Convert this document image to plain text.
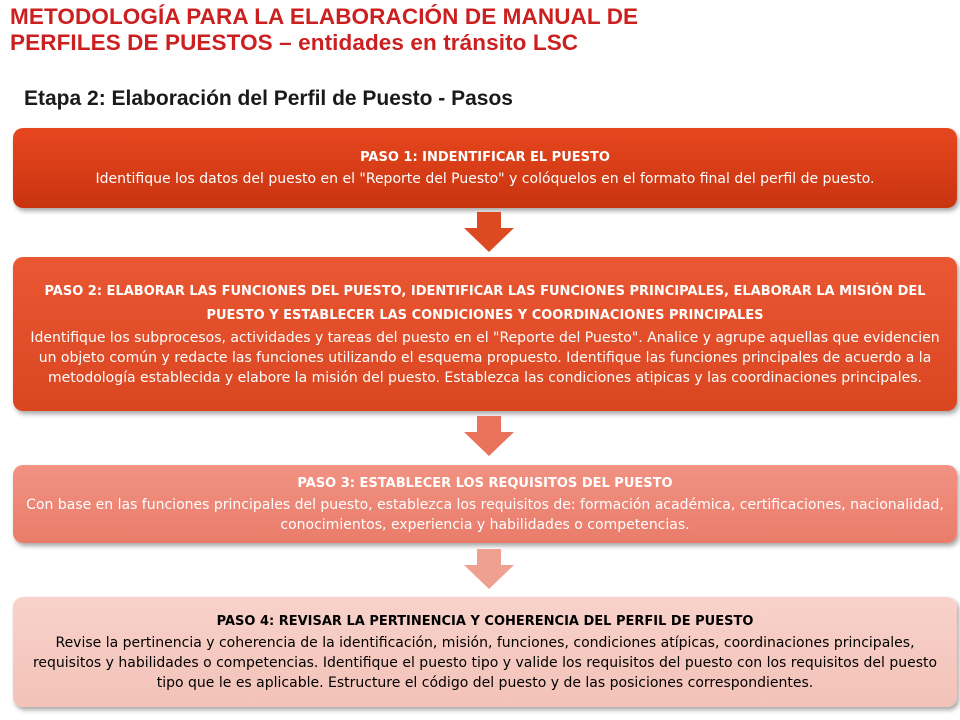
METODOLOGÍA PARA LA ELABORACIÓN DE MANUAL DE
PERFILES DE PUESTOS – entidades en tránsito LSC
Etapa 2: Elaboración del Perfil de Puesto - Pasos
PASO 1: INDENTIFICAR EL PUESTO
Identifique los datos del puesto en el "Reporte del Puesto" y colóquelos en el formato final del perfil de puesto.
PASO 2: ELABORAR LAS FUNCIONES DEL PUESTO, IDENTIFICAR LAS FUNCIONES PRINCIPALES, ELABORAR LA MISIÓN DEL PUESTO Y ESTABLECER LAS CONDICIONES Y COORDINACIONES PRINCIPALES
Identifique los subprocesos, actividades y tareas del puesto en el "Reporte del Puesto". Analice y agrupe aquellas que evidencien un objeto común y redacte las funciones utilizando el esquema propuesto. Identifique las funciones principales de acuerdo a la metodología establecida y elabore la misión del puesto. Establezca las condiciones atipicas y las coordinaciones principales.
PASO 3: ESTABLECER LOS REQUISITOS DEL PUESTO
Con base en las funciones principales del puesto, establezca los requisitos de: formación académica, certificaciones, nacionalidad, conocimientos, experiencia y habilidades o competencias.
PASO 4: REVISAR LA PERTINENCIA Y COHERENCIA DEL PERFIL DE PUESTO
Revise la pertinencia y coherencia de la identificación, misión, funciones, condiciones atípicas, coordinaciones principales, requisitos y habilidades o competencias. Identifique el puesto tipo y valide los requisitos del puesto con los requisitos del puesto tipo que le es aplicable. Estructure el código del puesto y de las posiciones correspondientes.
